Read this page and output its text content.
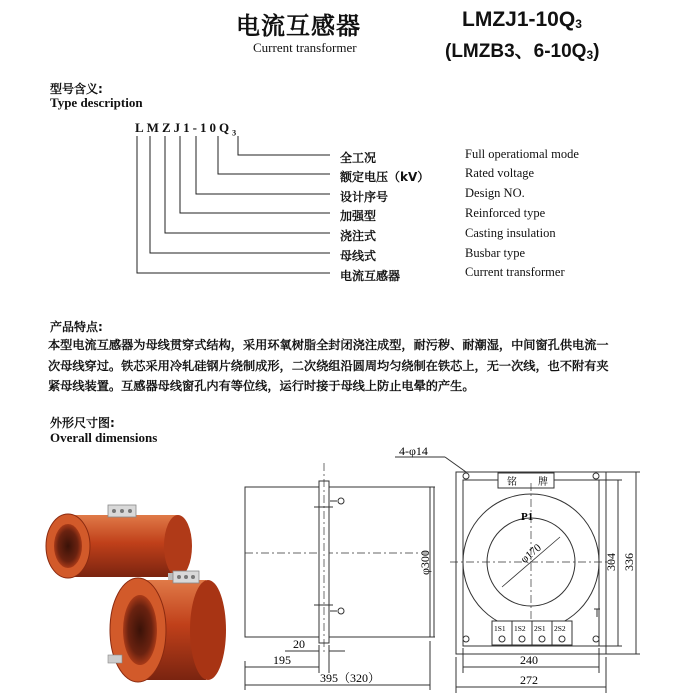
电流互感器
Current transformer
$LMZJ1-10Q_3$
(LMZB3、$6-10Q_3$)
型号含义:
Type description
$LMZJ1-10Q_3$
全工况	Full operatiomal mode
额定电压（kV）	Rated voltage
设计序号	Design NO.
加强型	Reinforced type
浇注式	Casting insulation
母线式	Busbar type
电流互感器	Current transformer
产品特点:
本型电流互感器为母线贯穿式结构，采用环氧树脂全封闭浇注成型，耐污秽、耐潮湿，中间窗孔供电流一
次母线穿过。铁芯采用冷轧硅钢片绕制成形，二次绕组沿圆周均匀绕制在铁芯上，无一次线，也不附有夹
紧母线装置。互感器母线窗孔内有等位线，运行时接于母线上防止电晕的产生。
外形尺寸图:
Overall dimensions
20
195
395（320）
φ300
4-φ14
铭 牌
P1
φ170
1S1 1S2 2S1 2S2
240
272
304 336
